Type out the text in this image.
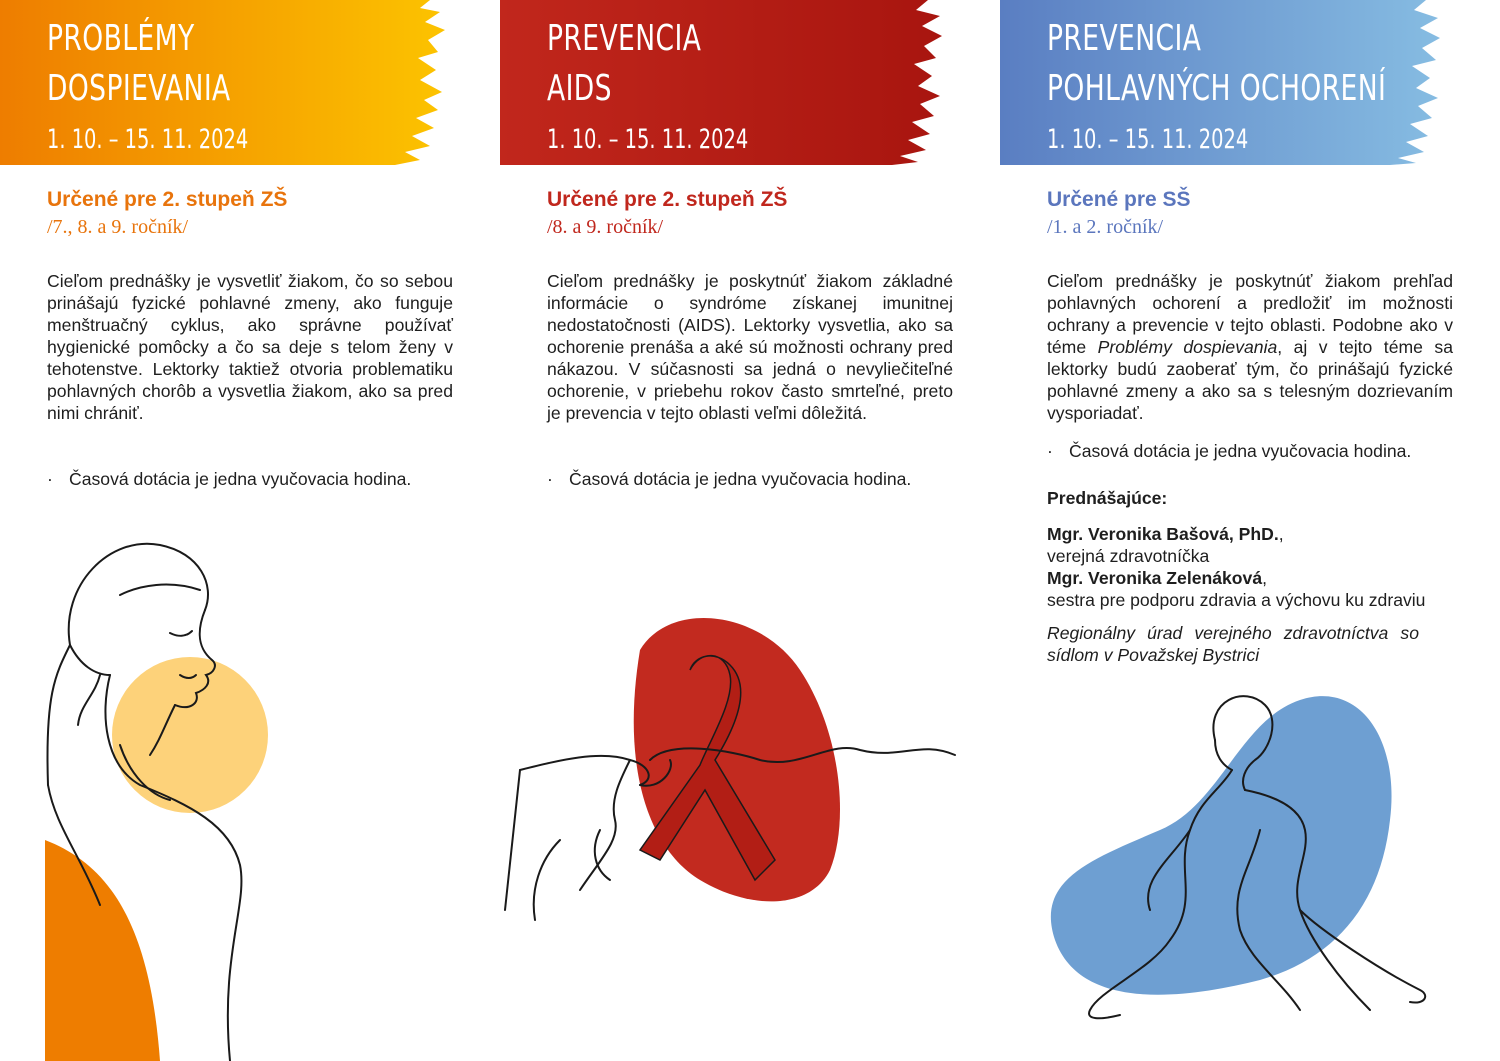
PROBLÉMY
DOSPIEVANIA
1. 10. – 15. 11. 2024
Určené pre 2. stupeň ZŠ
/7., 8. a 9. ročník/

Cieľom prednášky je vysvetliť žiakom, čo so sebou prinášajú fyzické pohlavné zmeny, ako funguje menštruačný cyklus, ako správne používať hygienické pomôcky a čo sa deje s telom ženy v tehotenstve. Lektorky taktiež otvoria problematiku pohlavných chorôb a vysvetlia žiakom, ako sa pred nimi chrániť.

· Časová dotácia je jedna vyučovacia hodina.
PREVENCIA
AIDS
1. 10. – 15. 11. 2024
Určené pre 2. stupeň ZŠ
/8. a 9. ročník/

Cieľom prednášky je poskytnúť žiakom základné informácie o syndróme získanej imunitnej nedostatočnosti (AIDS). Lektorky vysvetlia, ako sa ochorenie prenáša a aké sú možnosti ochrany pred nákazou. V súčasnosti sa jedná o nevyliečiteľné ochorenie, v priebehu rokov často smrteľné, preto je prevencia v tejto oblasti veľmi dôležitá.

· Časová dotácia je jedna vyučovacia hodina.
PREVENCIA
POHLAVNÝCH OCHORENÍ
1. 10. – 15. 11. 2024
Určené pre SŠ
/1. a 2. ročník/

Cieľom prednášky je poskytnúť žiakom prehľad pohlavných ochorení a predložiť im možnosti ochrany a prevencie v tejto oblasti. Podobne ako v téme Problémy dospievania, aj v tejto téme sa lektorky budú zaoberať tým, čo prinášajú fyzické pohlavné zmeny a ako sa s telesným dozrievaním vysporiadať.

· Časová dotácia je jedna vyučovacia hodina.
Prednášajúce:
Mgr. Veronika Bašová, PhD.,
verejná zdravotníčka
Mgr. Veronika Zelenáková,
sestra pre podporu zdravia a výchovu ku zdraviu
Regionálny úrad verejného zdravotníctva so sídlom v Považskej Bystrici
